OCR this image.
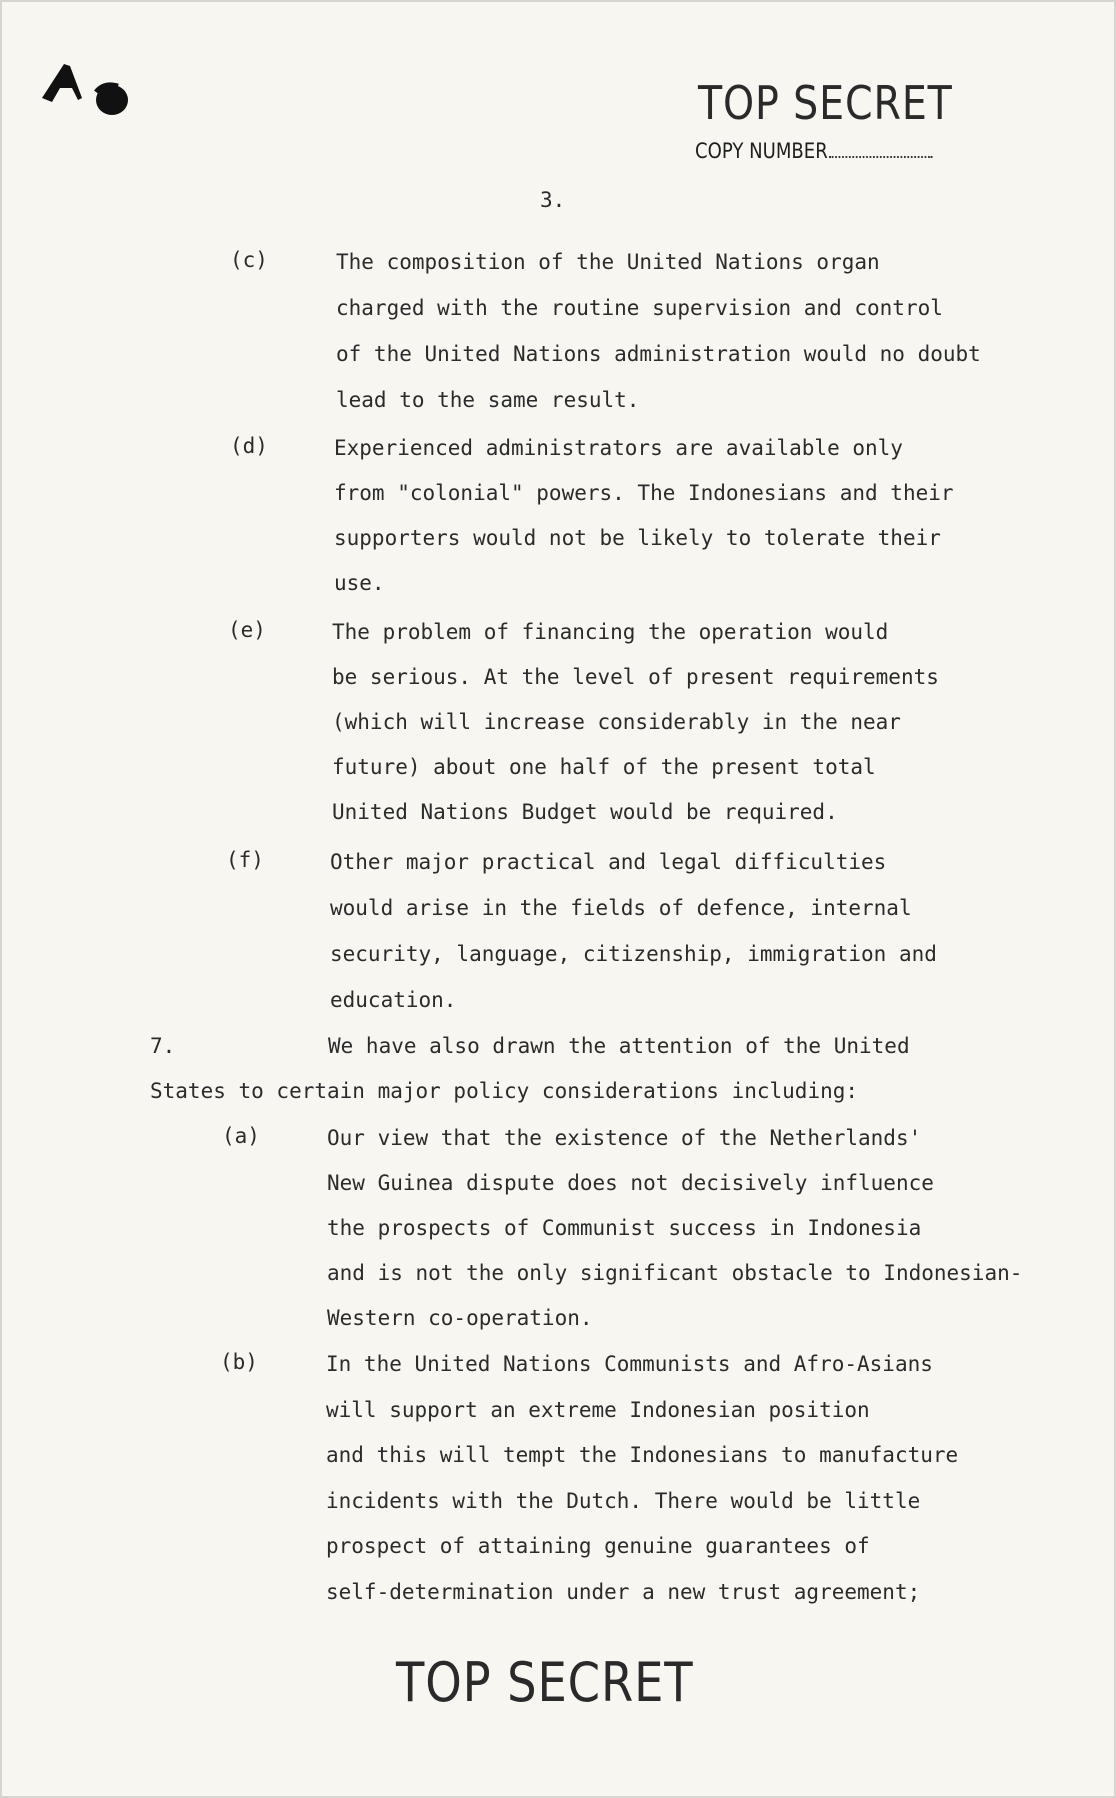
TOP SECRET
COPY NUMBER
3.
(c)	The composition of the United Nations organ
charged with the routine supervision and control
of the United Nations administration would no doubt
lead to the same result.
(d)	Experienced administrators are available only
from "colonial" powers. The Indonesians and their
supporters would not be likely to tolerate their
use.
(e)	The problem of financing the operation would
be serious. At the level of present requirements
(which will increase considerably in the near
future) about one half of the present total
United Nations Budget would be required.
(f)	Other major practical and legal difficulties
would arise in the fields of defence, internal
security, language, citizenship, immigration and
education.
7.	We have also drawn the attention of the United
States to certain major policy considerations including:
(a)	Our view that the existence of the Netherlands'
New Guinea dispute does not decisively influence
the prospects of Communist success in Indonesia
and is not the only significant obstacle to Indonesian-
Western co-operation.
(b)	In the United Nations Communists and Afro-Asians
will support an extreme Indonesian position
and this will tempt the Indonesians to manufacture
incidents with the Dutch. There would be little
prospect of attaining genuine guarantees of
self-determination under a new trust agreement;
TOP SECRET
